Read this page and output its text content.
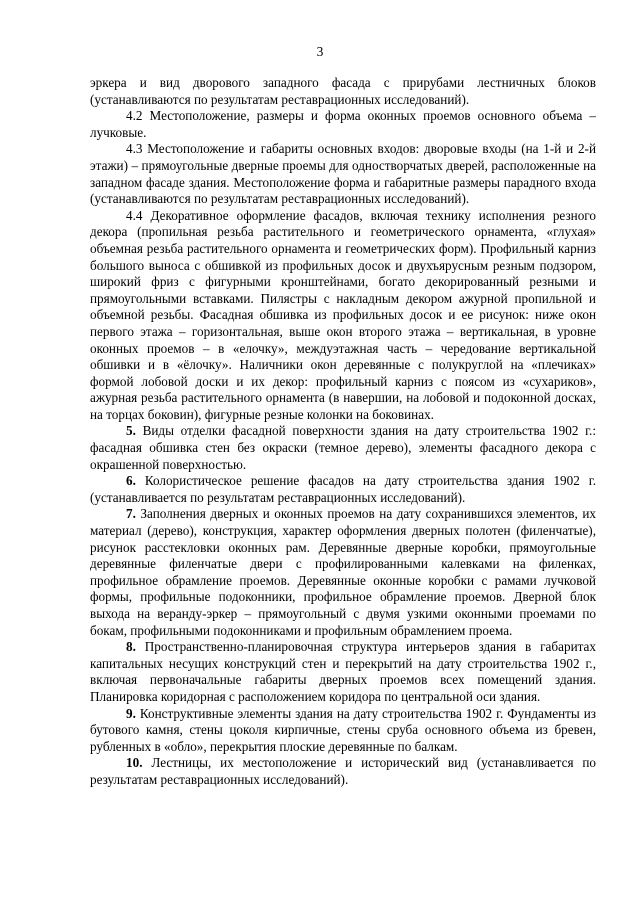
3

эркера и вид дворового западного фасада с прирубами лестничных блоков (устанавливаются по результатам реставрационных исследований).

4.2 Местоположение, размеры и форма оконных проемов основного объема – лучковые.

4.3 Местоположение и габариты основных входов: дворовые входы (на 1-й и 2-й этажи) – прямоугольные дверные проемы для одностворчатых дверей, расположенные на западном фасаде здания. Местоположение форма и габаритные размеры парадного входа (устанавливаются по результатам реставрационных исследований).

4.4 Декоративное оформление фасадов, включая технику исполнения резного декора (пропильная резьба растительного и геометрического орнамента, «глухая» объемная резьба растительного орнамента и геометрических форм). Профильный карниз большого выноса с обшивкой из профильных досок и двухъярусным резным подзором, широкий фриз с фигурными кронштейнами, богато декорированный резными и прямоугольными вставками. Пилястры с накладным декором ажурной пропильной и объемной резьбы. Фасадная обшивка из профильных досок и ее рисунок: ниже окон первого этажа – горизонтальная, выше окон второго этажа – вертикальная, в уровне оконных проемов – в «елочку», междуэтажная часть – чередование вертикальной обшивки и в «ёлочку». Наличники окон деревянные с полукруглой на «плечиках» формой лобовой доски и их декор: профильный карниз с поясом из «сухариков», ажурная резьба растительного орнамента (в навершии, на лобовой и подоконной досках, на торцах боковин), фигурные резные колонки на боковинах.

5. Виды отделки фасадной поверхности здания на дату строительства 1902 г.: фасадная обшивка стен без окраски (темное дерево), элементы фасадного декора с окрашенной поверхностью.

6. Колористическое решение фасадов на дату строительства здания 1902 г. (устанавливается по результатам реставрационных исследований).

7. Заполнения дверных и оконных проемов на дату сохранившихся элементов, их материал (дерево), конструкция, характер оформления дверных полотен (филенчатые), рисунок расстекловки оконных рам. Деревянные дверные коробки, прямоугольные деревянные филенчатые двери с профилированными калевками на филенках, профильное обрамление проемов. Деревянные оконные коробки с рамами лучковой формы, профильные подоконники, профильное обрамление проемов. Дверной блок выхода на веранду-эркер – прямоугольный с двумя узкими оконными проемами по бокам, профильными подоконниками и профильным обрамлением проема.

8. Пространственно-планировочная структура интерьеров здания в габаритах капитальных несущих конструкций стен и перекрытий на дату строительства 1902 г., включая первоначальные габариты дверных проемов всех помещений здания. Планировка коридорная с расположением коридора по центральной оси здания.

9. Конструктивные элементы здания на дату строительства 1902 г. Фундаменты из бутового камня, стены цоколя кирпичные, стены сруба основного объема из бревен, рубленных в «обло», перекрытия плоские деревянные по балкам.

10. Лестницы, их местоположение и исторический вид (устанавливается по результатам реставрационных исследований).
